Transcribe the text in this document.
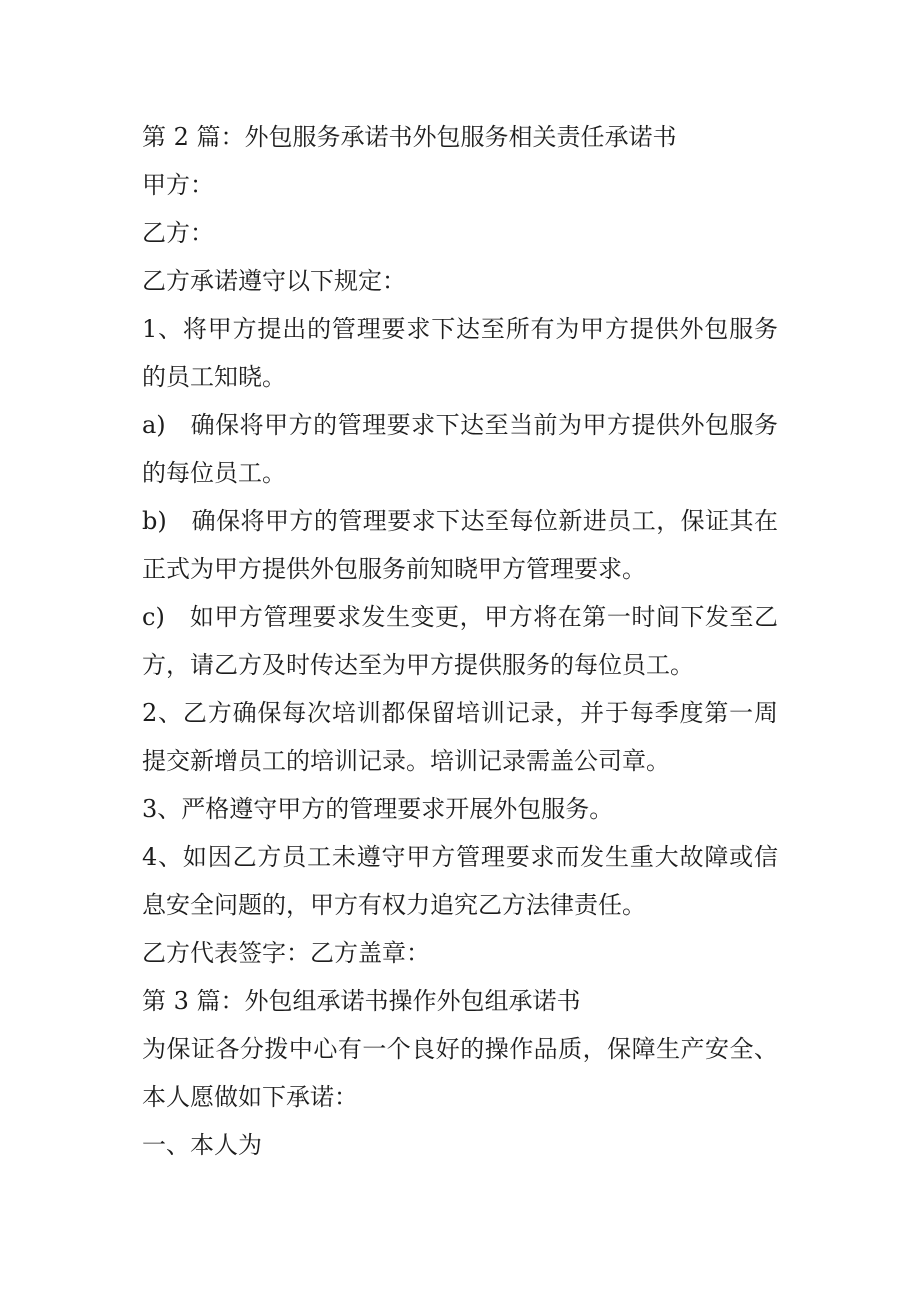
第 2 篇：外包服务承诺书外包服务相关责任承诺书
甲方：
乙方：
乙方承诺遵守以下规定：
1、将甲方提出的管理要求下达至所有为甲方提供外包服务
的员工知晓。
a)　确保将甲方的管理要求下达至当前为甲方提供外包服务
的每位员工。
b)　确保将甲方的管理要求下达至每位新进员工，保证其在
正式为甲方提供外包服务前知晓甲方管理要求。
c)　如甲方管理要求发生变更，甲方将在第一时间下发至乙
方，请乙方及时传达至为甲方提供服务的每位员工。
2、乙方确保每次培训都保留培训记录，并于每季度第一周
提交新增员工的培训记录。培训记录需盖公司章。
3、严格遵守甲方的管理要求开展外包服务。
4、如因乙方员工未遵守甲方管理要求而发生重大故障或信
息安全问题的，甲方有权力追究乙方法律责任。
乙方代表签字：乙方盖章：
第 3 篇：外包组承诺书操作外包组承诺书
为保证各分拨中心有一个良好的操作品质，保障生产安全、
本人愿做如下承诺：
一、本人为
